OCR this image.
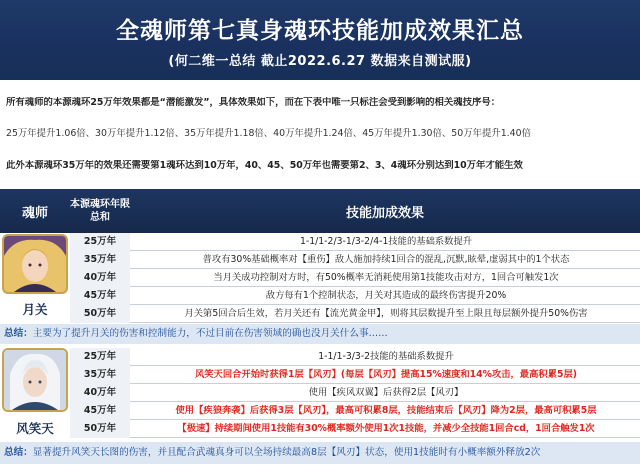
全魂师第七真身魂环技能加成效果汇总
(何二维一总结 截止2022.6.27 数据来自测试服)
所有魂师的本源魂环25万年效果都是“潜能激发”，具体效果如下，而在下表中唯一只标注会受到影响的相关魂技序号：
25万年提升1.06倍、30万年提升1.12倍、35万年提升1.18倍、40万年提升1.24倍、45万年提升1.30倍、50万年提升1.40倍
此外本源魂环35万年的效果还需要第1魂环达到10万年，40、45、50万年也需要第2、3、4魂环分别达到10万年才能生效
魂师
本源魂环年限总和	技能加成效果
月关
25万年	1-1/1-2/3-1/3-2/4-1技能的基础系数提升
35万年	普攻有30%基础概率对【重伤】敌人施加持续1回合的混乱,沉默,眩晕,虚弱其中的1个状态
40万年	当月关成功控制对方时，有50%概率无消耗使用第1技能攻击对方，1回合可触发1次
45万年	敌方每有1个控制状态，月关对其造成的最终伤害提升20%
50万年	月关第5回合后生效，若月关还有【流光黄金甲】，则将其层数提升至上限且每层额外提升50%伤害
总结：主要为了提升月关的伤害和控制能力，不过目前在伤害领域的确也没月关什么事……
风笑天
25万年	1-1/1-3/3-2技能的基础系数提升
35万年	风笑天回合开始时获得1层【风刃】(每层【风刃】提高15%速度和14%攻击，最高积累5层)
40万年	使用【疾风双翼】后获得2层【风刃】
45万年	使用【疾狼奔袭】后获得3层【风刃】，最高可积累8层，技能结束后【风刃】降为2层，最高可积累5层
50万年	【极速】持续期间使用1技能有30%概率额外使用1次1技能，并减少全技能1回合cd，1回合触发1次
总结：显著提升风笑天长图的伤害，并且配合武魂真身可以全场持续最高8层【风刃】状态，使用1技能时有小概率额外释放2次
